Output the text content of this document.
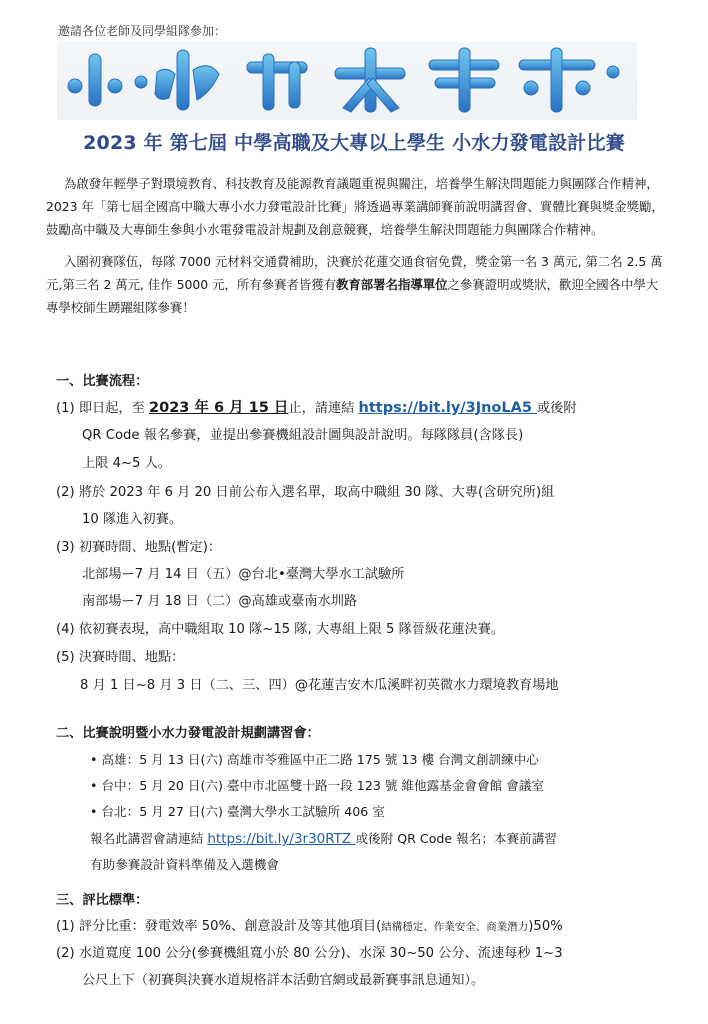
邀請各位老師及同學組隊參加：
2023 年 第七屆 中學高職及大專以上學生 小水力發電設計比賽

為啟發年輕學子對環境教育、科技教育及能源教育議題重視與關注，培養學生解決問題能力與團隊合作精神，2023 年「第七屆全國高中職大專小水力發電設計比賽」將透過專業講師賽前說明講習會、實體比賽與獎金獎勵，鼓勵高中職及大專師生參與小水電發電設計規劃及創意競賽，培養學生解決問題能力與團隊合作精神。

入圍初賽隊伍，每隊 7000 元材料交通費補助，決賽於花蓮交通食宿免費，獎金第一名 3 萬元, 第二名 2.5 萬元,第三名 2 萬元, 佳作 5000 元，所有參賽者皆獲有教育部署名指導單位之參賽證明或獎狀，歡迎全國各中學大專學校師生踴躍組隊參賽！

一、比賽流程：
(1) 即日起，至 2023 年 6 月 15 日止，請連結 https://bit.ly/3JnoLA5 或後附
QR Code 報名參賽，並提出參賽機組設計圖與設計說明。每隊隊員(含隊長)
上限 4~5 人。
(2) 將於 2023 年 6 月 20 日前公布入選名單，取高中職組 30 隊、大專(含研究所)組
10 隊進入初賽。
(3) 初賽時間、地點(暫定)：
北部場ー7 月 14 日（五）@台北•臺灣大學水工試驗所
南部場ー7 月 18 日（二）@高雄或臺南水圳路
(4) 依初賽表現，高中職組取 10 隊~15 隊, 大專組上限 5 隊晉級花蓮決賽。
(5) 決賽時間、地點：
8 月 1 日~8 月 3 日（二、三、四）@花蓮吉安木瓜溪畔初英微水力環境教育場地
二、比賽說明暨小水力發電設計規劃講習會：
• 高雄：5 月 13 日(六) 高雄市苓雅區中正二路 175 號 13 樓 台灣文創訓練中心
• 台中：5 月 20 日(六) 臺中市北區雙十路一段 123 號 維他露基金會會館 會議室
• 台北：5 月 27 日(六) 臺灣大學水工試驗所 406 室
報名此講習會請連結 https://bit.ly/3r30RTZ 或後附 QR Code 報名；本賽前講習
有助參賽設計資料準備及入選機會
三、評比標準：
(1) 評分比重：發電效率 50%、創意設計及等其他項目(結構穩定、作業安全、商業潛力)50%
(2) 水道寬度 100 公分(參賽機組寬小於 80 公分)、水深 30~50 公分、流速每秒 1~3
公尺上下（初賽與決賽水道規格詳本活動官網或最新賽事訊息通知）。
